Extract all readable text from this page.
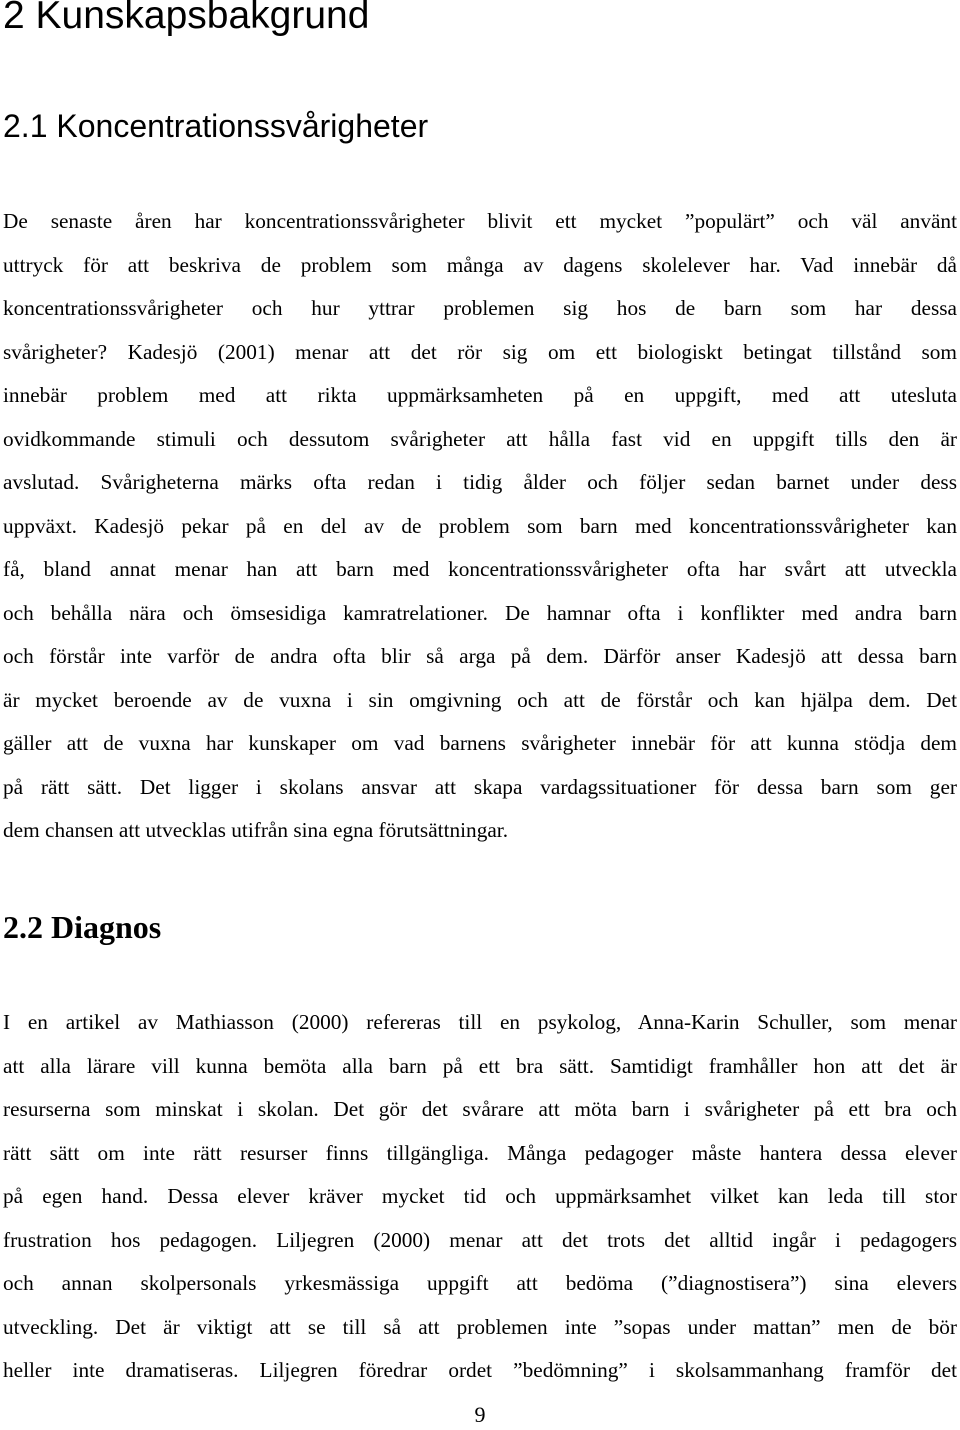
2 Kunskapsbakgrund
2.1 Koncentrationssvårigheter

De senaste åren har koncentrationssvårigheter blivit ett mycket ”populärt” och väl använt
uttryck för att beskriva de problem som många av dagens skolelever har. Vad innebär då
koncentrationssvårigheter och hur yttrar problemen sig hos de barn som har dessa
svårigheter? Kadesjö (2001) menar att det rör sig om ett biologiskt betingat tillstånd som
innebär problem med att rikta uppmärksamheten på en uppgift, med att utesluta
ovidkommande stimuli och dessutom svårigheter att hålla fast vid en uppgift tills den är
avslutad. Svårigheterna märks ofta redan i tidig ålder och följer sedan barnet under dess
uppväxt. Kadesjö pekar på en del av de problem som barn med koncentrationssvårigheter kan
få, bland annat menar han att barn med koncentrationssvårigheter ofta har svårt att utveckla
och behålla nära och ömsesidiga kamratrelationer. De hamnar ofta i konflikter med andra barn
och förstår inte varför de andra ofta blir så arga på dem. Därför anser Kadesjö att dessa barn
är mycket beroende av de vuxna i sin omgivning och att de förstår och kan hjälpa dem. Det
gäller att de vuxna har kunskaper om vad barnens svårigheter innebär för att kunna stödja dem
på rätt sätt. Det ligger i skolans ansvar att skapa vardagssituationer för dessa barn som ger
dem chansen att utvecklas utifrån sina egna förutsättningar.

2.2 Diagnos

I en artikel av Mathiasson (2000) refereras till en psykolog, Anna-Karin Schuller, som menar
att alla lärare vill kunna bemöta alla barn på ett bra sätt. Samtidigt framhåller hon att det är
resurserna som minskat i skolan. Det gör det svårare att möta barn i svårigheter på ett bra och
rätt sätt om inte rätt resurser finns tillgängliga. Många pedagoger måste hantera dessa elever
på egen hand. Dessa elever kräver mycket tid och uppmärksamhet vilket kan leda till stor
frustration hos pedagogen. Liljegren (2000) menar att det trots det alltid ingår i pedagogers
och annan skolpersonals yrkesmässiga uppgift att bedöma (”diagnostisera”) sina elevers
utveckling. Det är viktigt att se till så att problemen inte ”sopas under mattan” men de bör
heller inte dramatiseras. Liljegren föredrar ordet ”bedömning” i skolsammanhang framför det

9
